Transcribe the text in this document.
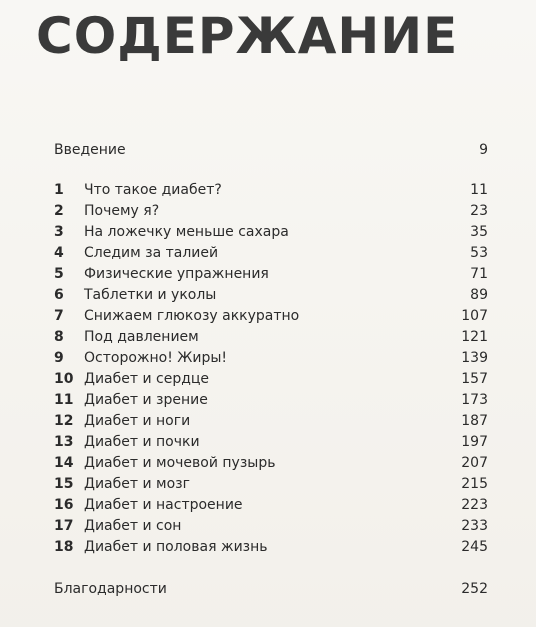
СОДЕРЖАНИЕ
Введение	9
1	Что такое диабет?	11
2	Почему я?	23
3	На ложечку меньше сахара	35
4	Следим за талией	53
5	Физические упражнения	71
6	Таблетки и уколы	89
7	Снижаем глюкозу аккуратно	107
8	Под давлением	121
9	Осторожно! Жиры!	139
10 Диабет и сердце	157
11 Диабет и зрение	173
12 Диабет и ноги	187
13 Диабет и почки	197
14 Диабет и мочевой пузырь	207
15 Диабет и мозг	215
16 Диабет и настроение	223
17 Диабет и сон	233
18 Диабет и половая жизнь	245
Благодарности	252
